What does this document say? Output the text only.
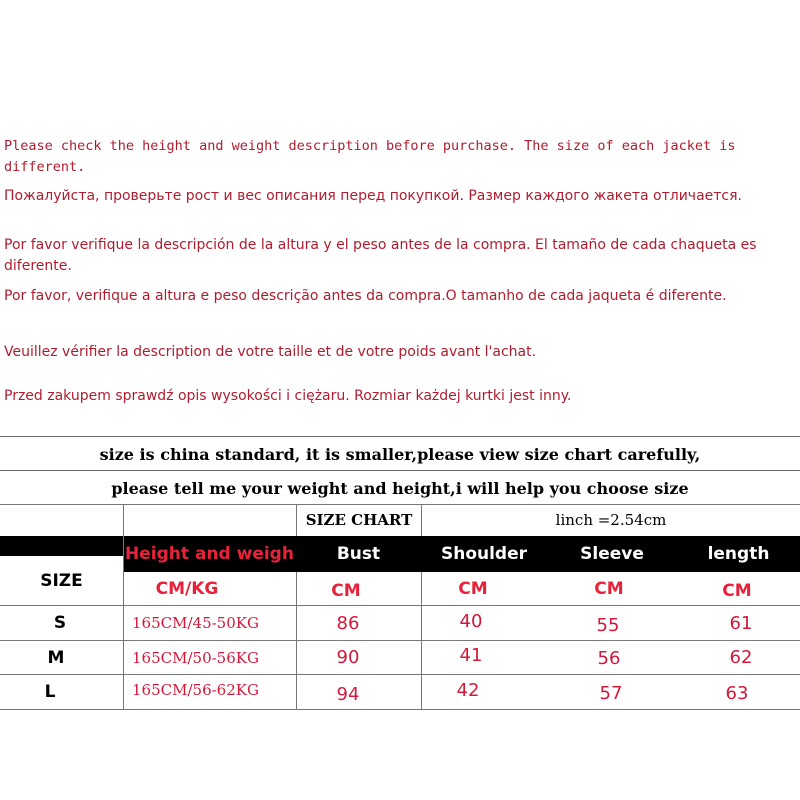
Please check the height and weight description before purchase. The size of each jacket is different.

Пожалуйста, проверьте рост и вес описания перед покупкой. Размер каждого жакета отличается.

Por favor verifique la descripción de la altura y el peso antes de la compra. El tamaño de cada chaqueta es diferente.

Por favor, verifique a altura e peso descrição antes da compra.O tamanho de cada jaqueta é diferente.

Veuillez vérifier la description de votre taille et de votre poids avant l'achat.

Przed zakupem sprawdź opis wysokości i ciężaru. Rozmiar każdej kurtki jest inny.

size is china standard, it is smaller,please view size chart carefully,
please tell me your weight and height,i will help you choose size
SIZE CHART	linch =2.54cm
SIZE
Height and weigh	Bust	Shoulder	Sleeve	length
CM/KG	CM	CM	CM	CM
S	165CM/45-50KG	86	40	55	61
M	165CM/50-56KG	90	41	56	62
L	165CM/56-62KG	94	42	57	63
